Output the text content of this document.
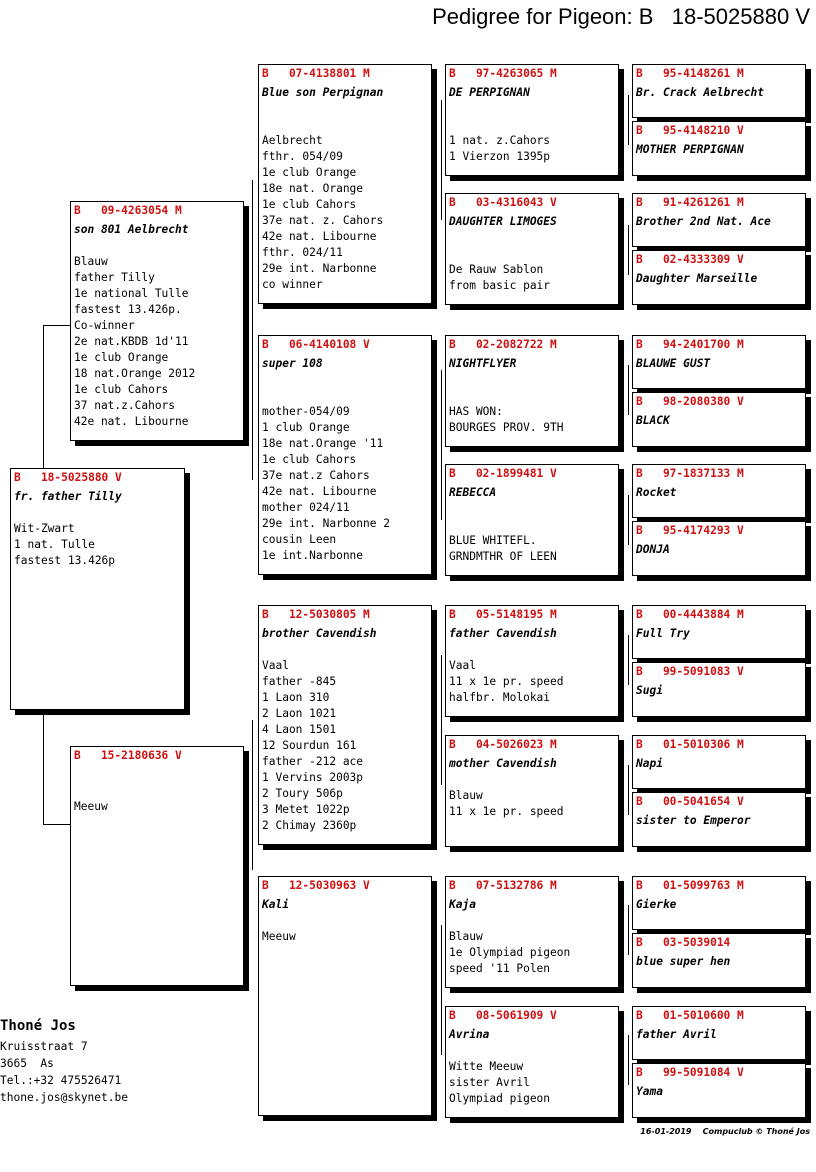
Pedigree for Pigeon: B   18-5025880 V
B   18-5025880 V
fr. father Tilly
Wit-Zwart
1 nat. Tulle
fastest 13.426p
B   09-4263054 M
son 801 Aelbrecht
Blauw
father Tilly
1e national Tulle
fastest 13.426p.
Co-winner
2e nat.KBDB 1d'11
1e club Orange
18 nat.Orange 2012
1e club Cahors
37 nat.z.Cahors
42e nat. Libourne
B   15-2180636 V

Meeuw
B   07-4138801 M
Blue son Perpignan
Aelbrecht
fthr. 054/09
1e club Orange
18e nat. Orange
1e club Cahors
37e nat. z. Cahors
42e nat. Libourne
fthr. 024/11
29e int. Narbonne
co winner
B   06-4140108 V
super 108
mother-054/09
1 club Orange
18e nat.Orange '11
1e club Cahors
37e nat.z Cahors
42e nat. Libourne
mother 024/11
29e int. Narbonne 2
cousin Leen
1e int.Narbonne
B   12-5030805 M
brother Cavendish
Vaal
father -845
1 Laon 310
2 Laon 1021
4 Laon 1501
12 Sourdun 161
father -212 ace
1 Vervins 2003p
2 Toury 506p
3 Metet 1022p
2 Chimay 2360p
B   12-5030963 V
Kali
Meeuw
B   97-4263065 M
DE PERPIGNAN
1 nat. z.Cahors
1 Vierzon 1395p
B   03-4316043 V
DAUGHTER LIMOGES
De Rauw Sablon
from basic pair
B   02-2082722 M
NIGHTFLYER
HAS WON:
BOURGES PROV. 9TH
B   02-1899481 V
REBECCA
BLUE WHITEFL.
GRNDMTHR OF LEEN
B   05-5148195 M
father Cavendish
Vaal
11 x 1e pr. speed
halfbr. Molokai
B   04-5026023 M
mother Cavendish
Blauw
11 x 1e pr. speed
B   07-5132786 M
Kaja
Blauw
1e Olympiad pigeon
speed '11 Polen
B   08-5061909 V
Avrina
Witte Meeuw
sister Avril
Olympiad pigeon
B   95-4148261 M
Br. Crack Aelbrecht
B   95-4148210 V
MOTHER PERPIGNAN
B   91-4261261 M
Brother 2nd Nat. Ace
B   02-4333309 V
Daughter Marseille
B   94-2401700 M
BLAUWE GUST
B   98-2080380 V
BLACK
B   97-1837133 M
Rocket
B   95-4174293 V
DONJA
B   00-4443884 M
Full Try
B   99-5091083 V
Sugi
B   01-5010306 M
Napi
B   00-5041654 V
sister to Emperor
B   01-5099763 M
Gierke
B   03-5039014
blue super hen
B   01-5010600 M
father Avril
B   99-5091084 V
Yama
Thoné Jos
Kruisstraat 7
3665  As
Tel.:+32 475526471
thone.jos@skynet.be
16-01-2019    Compuclub © Thoné Jos
